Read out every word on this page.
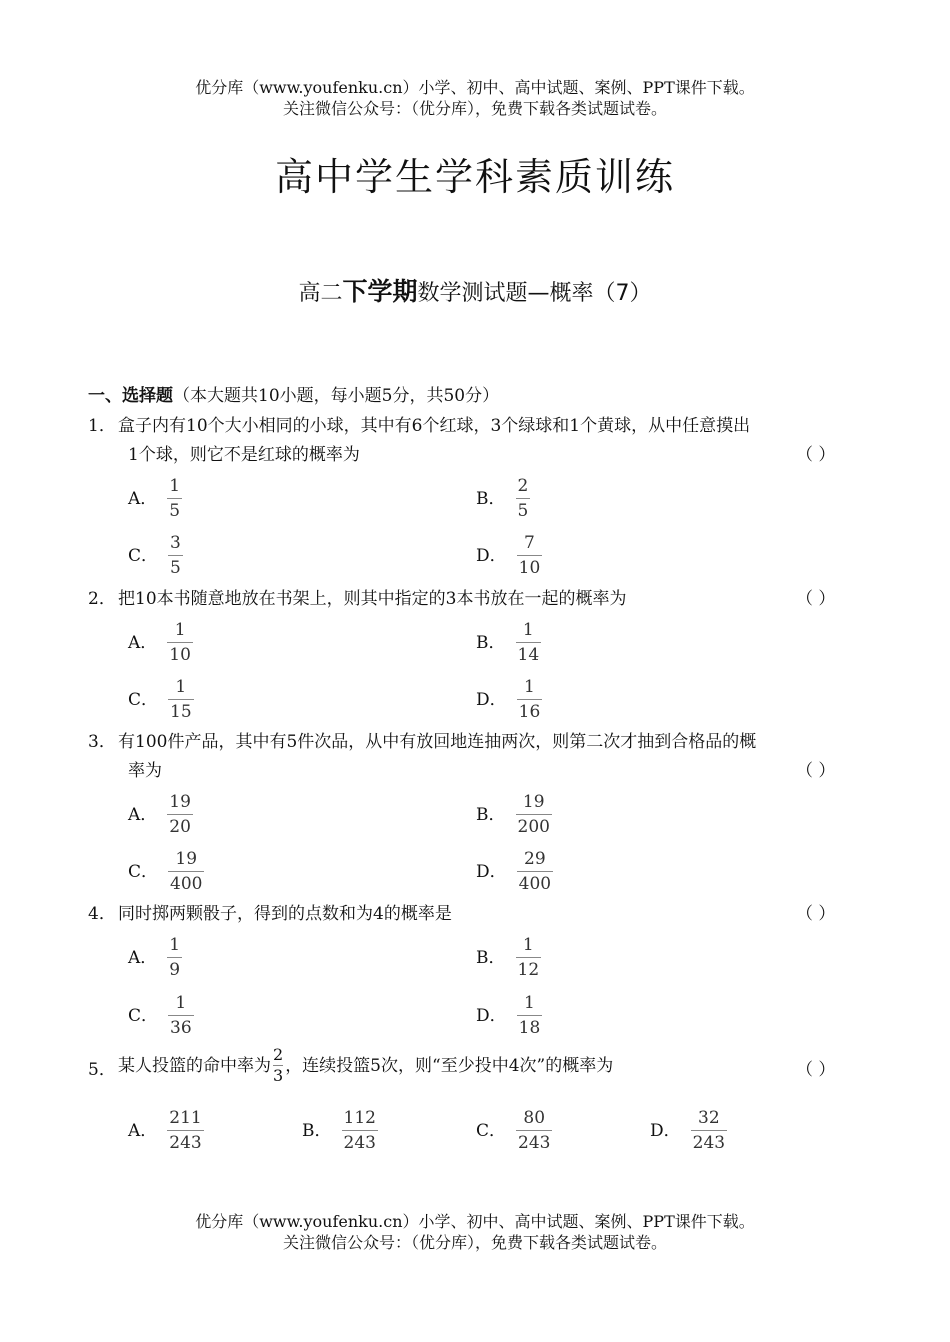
优分库（www.youfenku.cn）小学、初中、高中试题、案例、PPT课件下载。
关注微信公众号：（优分库），免费下载各类试题试卷。
高中学生学科素质训练
高二下学期数学测试题—概率（7）
一、选择题（本大题共10小题，每小题5分，共50分）
1． 盒子内有10个大小相同的小球，其中有6个红球，3个绿球和1个黄球，从中任意摸出
1个球，则它不是红球的概率为	（ ）
A． $\frac{1}{5}$	B． $\frac{2}{5}$
C． $\frac{3}{5}$	D． $\frac{7}{10}$
2． 把10本书随意地放在书架上，则其中指定的3本书放在一起的概率为	（ ）
A． $\frac{1}{10}$	B． $\frac{1}{14}$
C． $\frac{1}{15}$	D． $\frac{1}{16}$
3． 有100件产品，其中有5件次品，从中有放回地连抽两次，则第二次才抽到合格品的概
率为	（ ）
A． $\frac{19}{20}$	B． $\frac{19}{200}$
C． $\frac{19}{400}$	D． $\frac{29}{400}$
4． 同时掷两颗骰子，得到的点数和为4的概率是	（ ）
A． $\frac{1}{9}$	B． $\frac{1}{12}$
C． $\frac{1}{36}$	D． $\frac{1}{18}$
5． 某人投篮的命中率为
2
3 ，连续投篮5次，则“至少投中4次”的概率为	（ ）
A． $\frac{211}{243}$	B． $\frac{112}{243}$	C． $\frac{80}{243}$	D． $\frac{32}{243}$
优分库（www.youfenku.cn）小学、初中、高中试题、案例、PPT课件下载。
关注微信公众号：（优分库），免费下载各类试题试卷。
